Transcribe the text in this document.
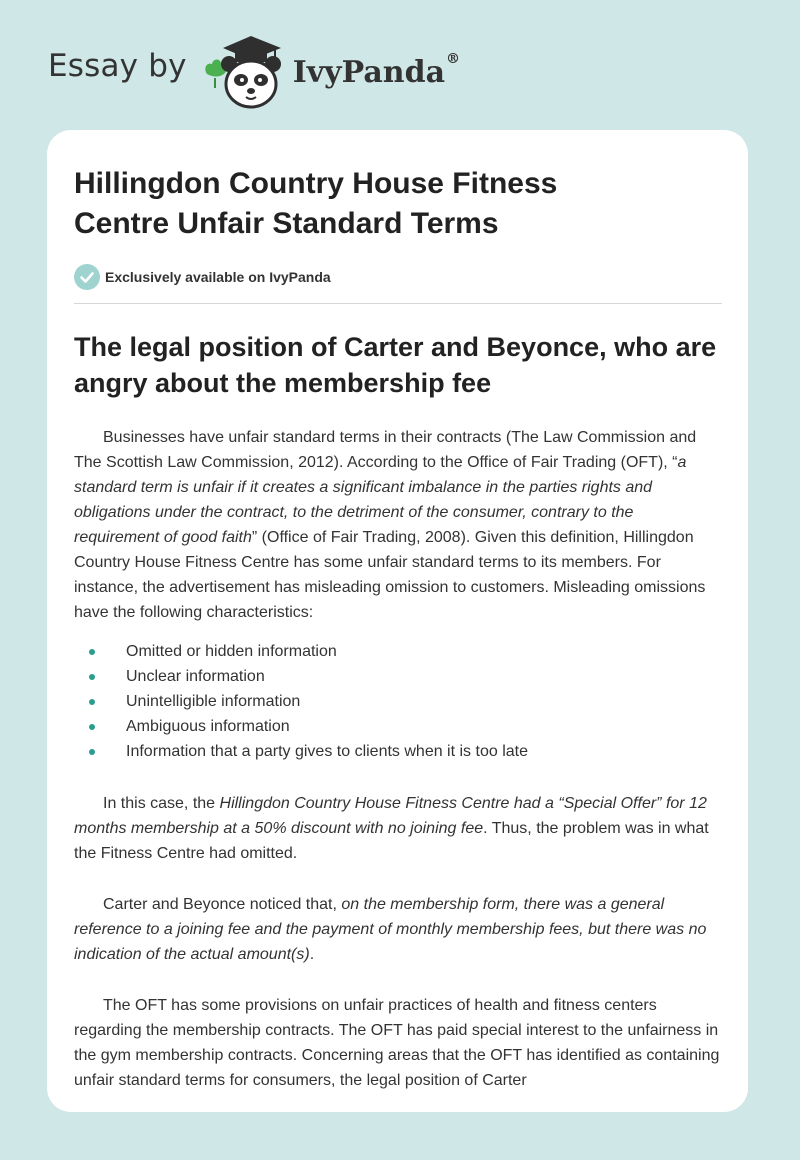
Essay by	IvyPanda®
Hillingdon Country House Fitness Centre Unfair Standard Terms
Exclusively available on IvyPanda
The legal position of Carter and Beyonce, who are angry about the membership fee

Businesses have unfair standard terms in their contracts (The Law Commission and The Scottish Law Commission, 2012). According to the Office of Fair Trading (OFT), “a standard term is unfair if it creates a significant imbalance in the parties rights and obligations under the contract, to the detriment of the consumer, contrary to the requirement of good faith” (Office of Fair Trading, 2008). Given this definition, Hillingdon Country House Fitness Centre has some unfair standard terms to its members. For instance, the advertisement has misleading omission to customers. Misleading omissions have the following characteristics:

Omitted or hidden information
Unclear information
Unintelligible information
Ambiguous information
Information that a party gives to clients when it is too late

In this case, the Hillingdon Country House Fitness Centre had a “Special Offer” for 12 months membership at a 50% discount with no joining fee. Thus, the problem was in what the Fitness Centre had omitted.

Carter and Beyonce noticed that, on the membership form, there was a general reference to a joining fee and the payment of monthly membership fees, but there was no indication of the actual amount(s).

The OFT has some provisions on unfair practices of health and fitness centers regarding the membership contracts. The OFT has paid special interest to the unfairness in the gym membership contracts. Concerning areas that the OFT has identified as containing unfair standard terms for consumers, the legal position of Carter
